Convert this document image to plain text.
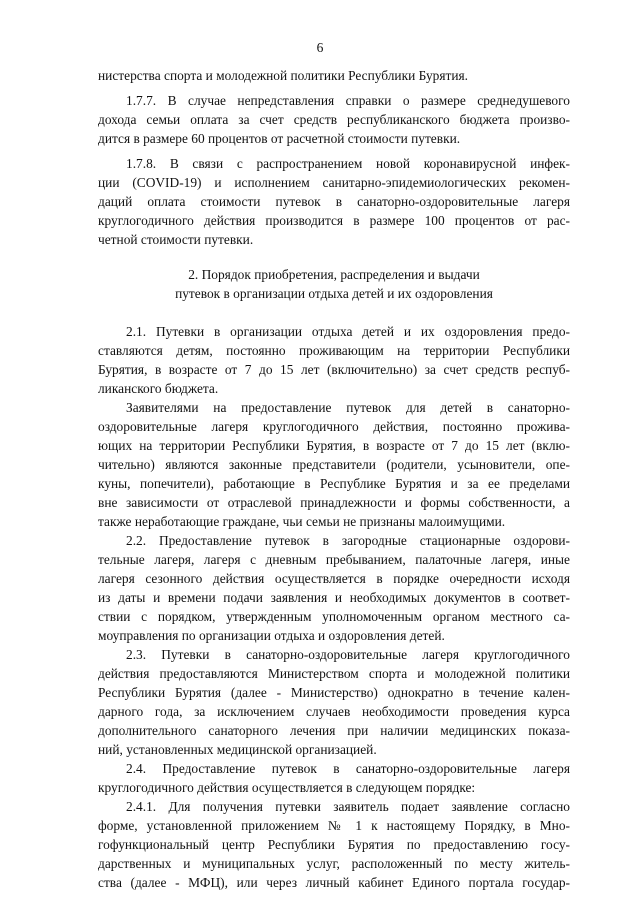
6
нистерства спорта и молодежной политики Республики Бурятия.
1.7.7. В случае непредставления справки о размере среднедушевого
дохода семьи оплата за счет средств республиканского бюджета произво-
дится в размере 60 процентов от расчетной стоимости путевки.
1.7.8. В связи с распространением новой коронавирусной инфек-
ции (COVID-19) и исполнением санитарно-эпидемиологических рекомен-
даций оплата стоимости путевок в санаторно-оздоровительные лагеря
круглогодичного действия производится в размере 100 процентов от рас-
четной стоимости путевки.
2. Порядок приобретения, распределения и выдачи
путевок в организации отдыха детей и их оздоровления
2.1. Путевки в организации отдыха детей и их оздоровления предо-
ставляются детям, постоянно проживающим на территории Республики
Бурятия, в возрасте от 7 до 15 лет (включительно) за счет средств респуб-
ликанского бюджета.
Заявителями на предоставление путевок для детей в санаторно-
оздоровительные лагеря круглогодичного действия, постоянно прожива-
ющих на территории Республики Бурятия, в возрасте от 7 до 15 лет (вклю-
чительно) являются законные представители (родители, усыновители, опе-
куны, попечители), работающие в Республике Бурятия и за ее пределами
вне зависимости от отраслевой принадлежности и формы собственности, а
также неработающие граждане, чьи семьи не признаны малоимущими.
2.2. Предоставление путевок в загородные стационарные оздорови-
тельные лагеря, лагеря с дневным пребыванием, палаточные лагеря, иные
лагеря сезонного действия осуществляется в порядке очередности исходя
из даты и времени подачи заявления и необходимых документов в соответ-
ствии с порядком, утвержденным уполномоченным органом местного са-
моуправления по организации отдыха и оздоровления детей.
2.3. Путевки в санаторно-оздоровительные лагеря круглогодичного
действия предоставляются Министерством спорта и молодежной политики
Республики Бурятия (далее - Министерство) однократно в течение кален-
дарного года, за исключением случаев необходимости проведения курса
дополнительного санаторного лечения при наличии медицинских показа-
ний, установленных медицинской организацией.
2.4. Предоставление путевок в санаторно-оздоровительные лагеря
круглогодичного действия осуществляется в следующем порядке:
2.4.1. Для получения путевки заявитель подает заявление согласно
форме, установленной приложением № 1 к настоящему Порядку, в Мно-
гофункциональный центр Республики Бурятия по предоставлению госу-
дарственных и муниципальных услуг, расположенный по месту житель-
ства (далее - МФЦ), или через личный кабинет Единого портала государ-
